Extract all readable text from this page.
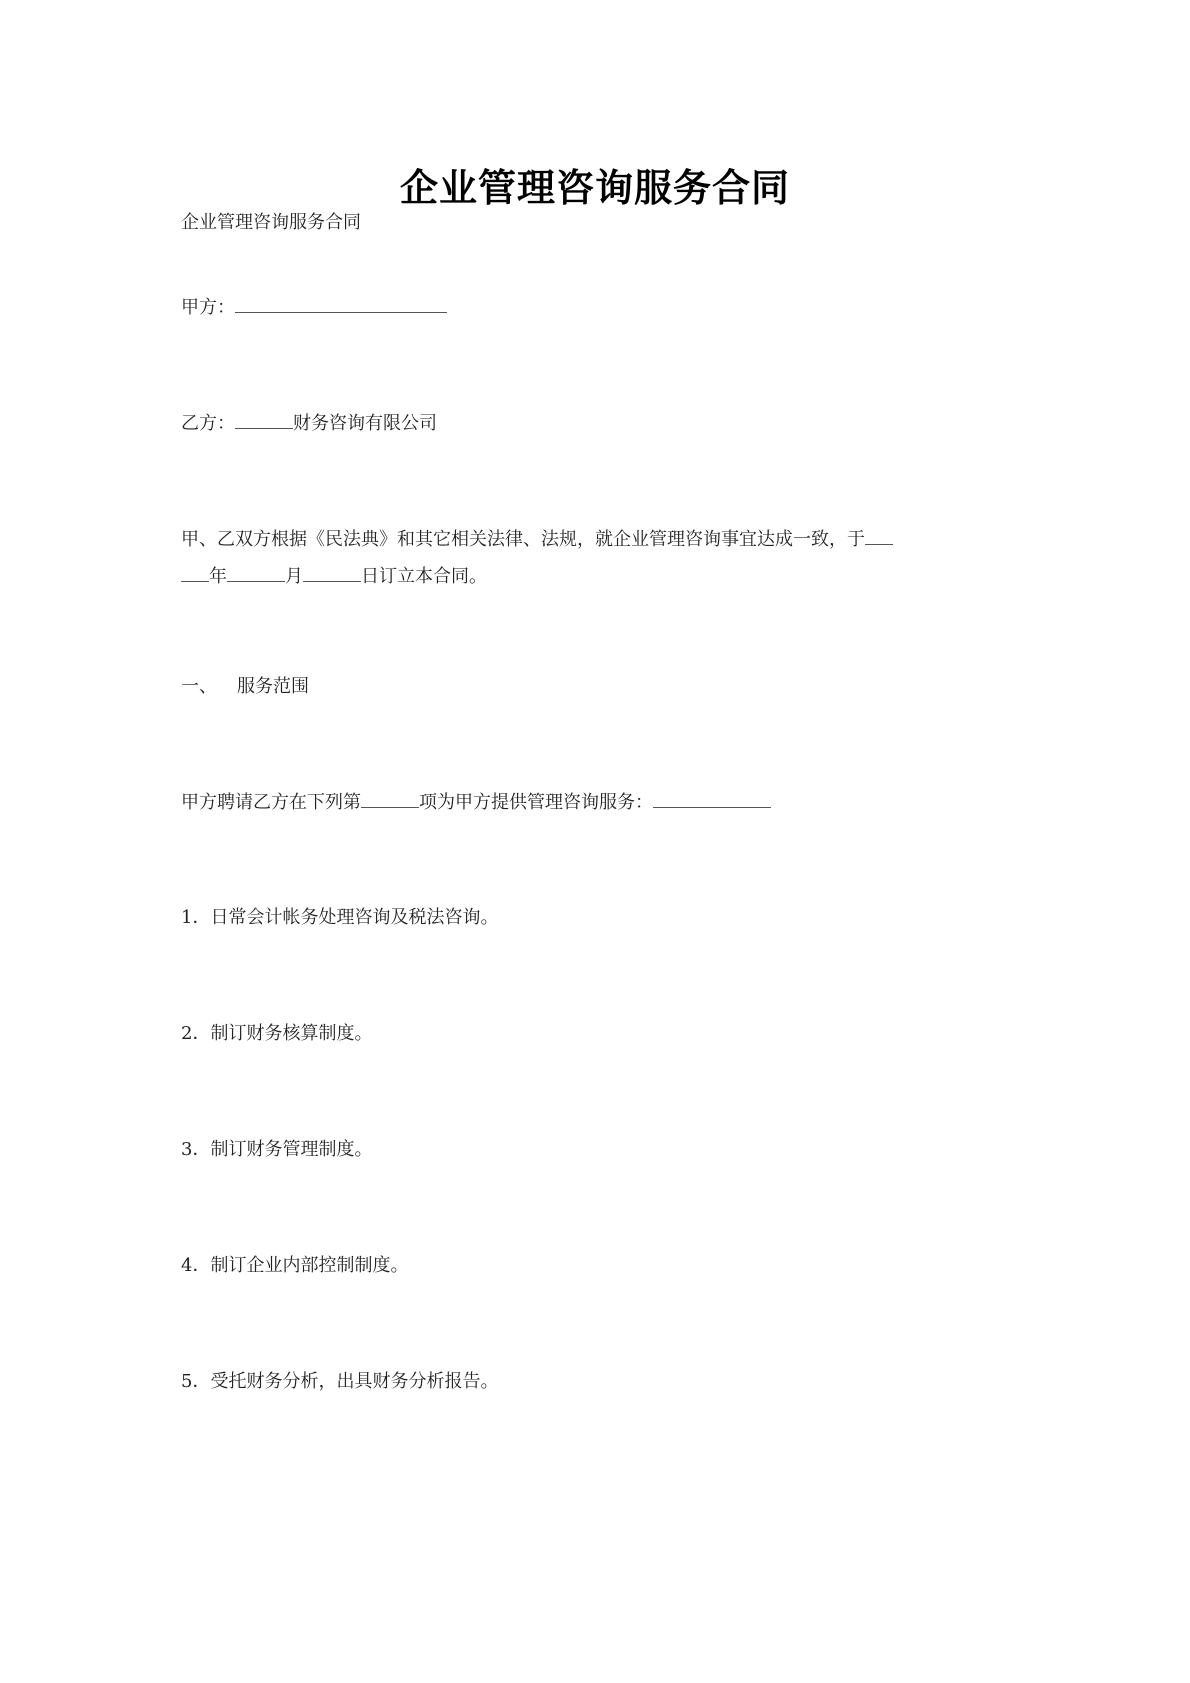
企业管理咨询服务合同
企业管理咨询服务合同
甲方：
乙方：	财务咨询有限公司
甲、乙双方根据《民法典》和其它相关法律、法规，就企业管理咨询事宜达成一致，于
年	月	日订立本合同。
一、 服务范围
甲方聘请乙方在下列第	项为甲方提供管理咨询服务：
1．日常会计帐务处理咨询及税法咨询。
2．制订财务核算制度。
3．制订财务管理制度。
4．制订企业内部控制制度。
5．受托财务分析，出具财务分析报告。
